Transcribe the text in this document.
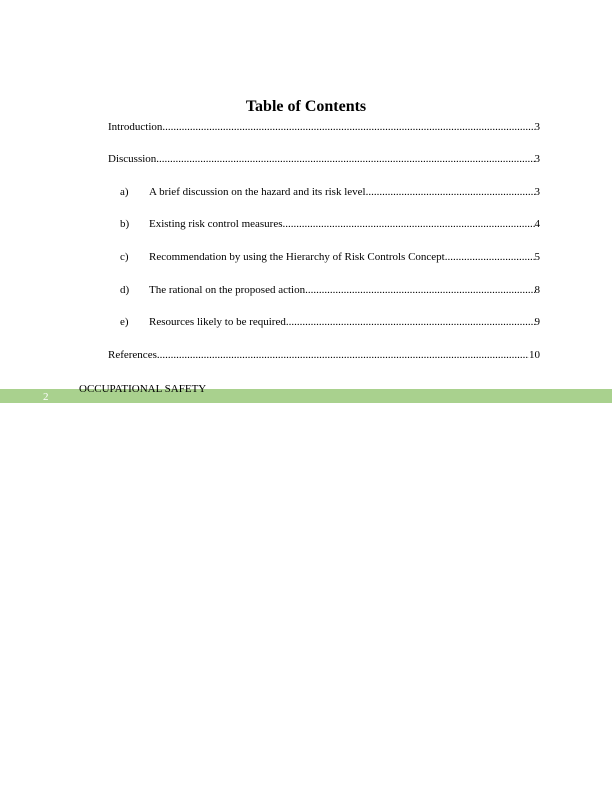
Table of Contents
Introduction .....	3
Discussion .....	3
a)	A brief discussion on the hazard and its risk level .....	3
b)	Existing risk control measures .....	4
c)	Recommendation by using the Hierarchy of Risk Controls Concept .....	5
d)	The rational on the proposed action .....	8
e)	Resources likely to be required .....	9
References .....	10
2
OCCUPATIONAL SAFETY
